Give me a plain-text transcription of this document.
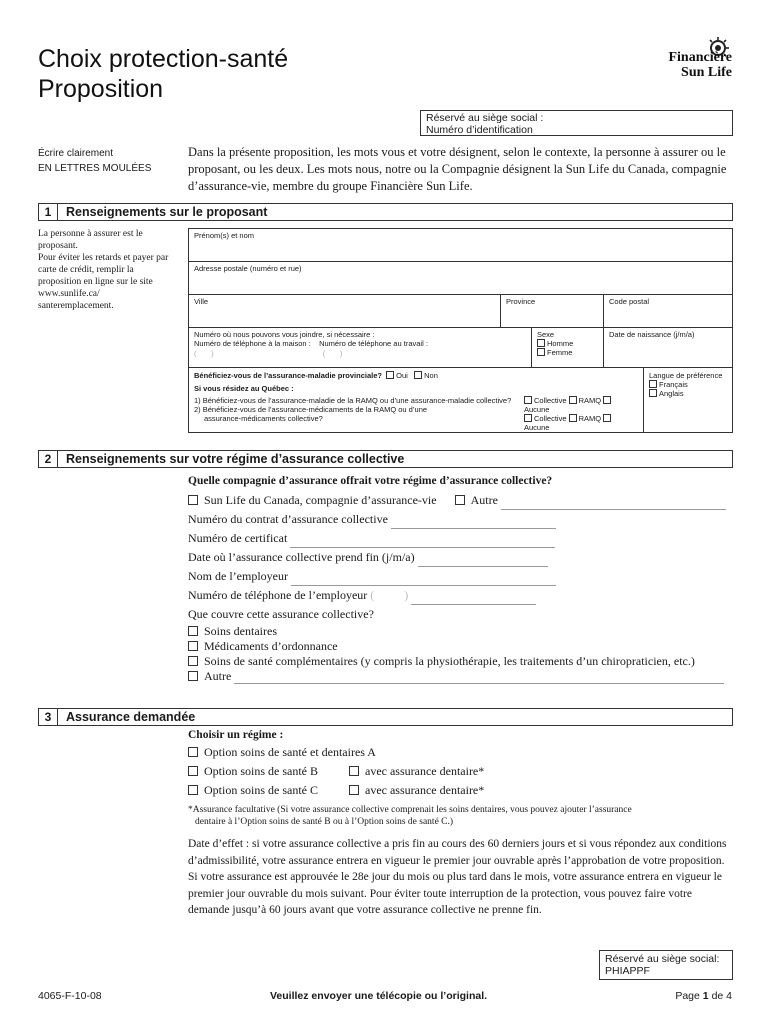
Choix protection-santé
Proposition
Financière
Sun Life
Réservé au siège social :
Numéro d’identification
Écrire clairement
EN LETTRES MOULÉES
Dans la présente proposition, les mots vous et votre désignent, selon le contexte, la personne à assurer ou le proposant, ou les deux. Les mots nous, notre ou la Compagnie désignent la Sun Life du Canada, compagnie d’assurance-vie, membre du groupe Financière Sun Life.
1	Renseignements sur le proposant
La personne à assurer est le proposant.
Pour éviter les retards et payer par carte de crédit, remplir la proposition en ligne sur le site www.sunlife.ca/ santeremplacement.
Prénom(s) et nom
Adresse postale (numéro et rue)
Ville	Province	Code postal
Numéro où nous pouvons vous joindre, si nécessaire :
Numéro de téléphone à la maison : Numéro de téléphone au travail :
( )	( )
Sexe
Homme
Femme
Date de naissance (j/m/a)
Bénéficiez-vous de l’assurance-maladie provinciale? Oui Non
Si vous résidez au Québec :
1) Bénéficiez-vous de l’assurance-maladie de la RAMQ ou d’une assurance-maladie collective?	Collective RAMQ Aucune
2) Bénéficiez-vous de l’assurance-médicaments de la RAMQ ou d’une
assurance-médicaments collective?	Collective RAMQ Aucune
Langue de préférence
Français
Anglais
2	Renseignements sur votre régime d’assurance collective
Quelle compagnie d’assurance offrait votre régime d’assurance collective?
Sun Life du Canada, compagnie d’assurance-vie	Autre
Numéro du contrat d’assurance collective
Numéro de certificat
Date où l’assurance collective prend fin (j/m/a)
Nom de l’employeur
Numéro de téléphone de l’employeur (	)
Que couvre cette assurance collective?
Soins dentaires
Médicaments d’ordonnance
Soins de santé complémentaires (y compris la physiothérapie, les traitements d’un chiropraticien, etc.)
Autre
3	Assurance demandée
Choisir un régime :
Option soins de santé et dentaires A
Option soins de santé B	avec assurance dentaire*
Option soins de santé C	avec assurance dentaire*
*Assurance facultative (Si votre assurance collective comprenait les soins dentaires, vous pouvez ajouter l’assurance
dentaire à l’Option soins de santé B ou à l’Option soins de santé C.)
Date d’effet : si votre assurance collective a pris fin au cours des 60 derniers jours et si vous répondez aux conditions d’admissibilité, votre assurance entrera en vigueur le premier jour ouvrable après l’approbation de votre proposition. Si votre assurance est approuvée le 28e jour du mois ou plus tard dans le mois, votre assurance entrera en vigueur le premier jour ouvrable du mois suivant. Pour éviter toute interruption de la protection, vous pouvez faire votre demande jusqu’à 60 jours avant que votre assurance collective ne prenne fin.
Réservé au siège social:
PHIAPPF
4065-F-10-08	Veuillez envoyer une télécopie ou l’original.	Page 1 de 4
